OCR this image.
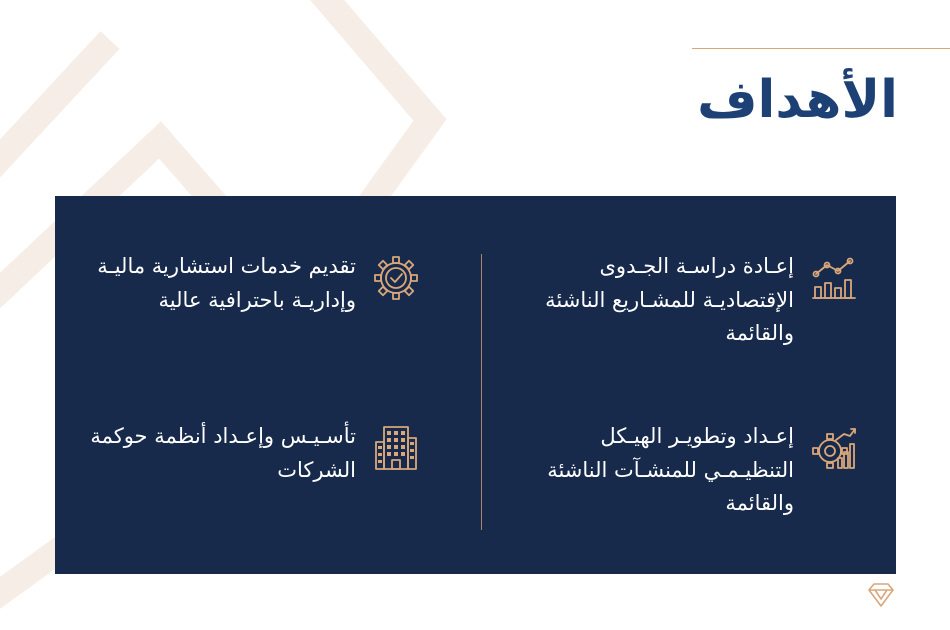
الأهداف
إعـادة دراسـة الجـدوى الإقتصاديـة للمشـاريع الناشئة والقائمة
تقديم خدمات استشارية ماليـة وإداريـة باحترافية عالية
إعـداد وتطويـر الهيـكل التنظيـمـي للمنشـآت الناشئة والقائمة
تأسـيـس وإعـداد أنظمة حوكمة الشركات
